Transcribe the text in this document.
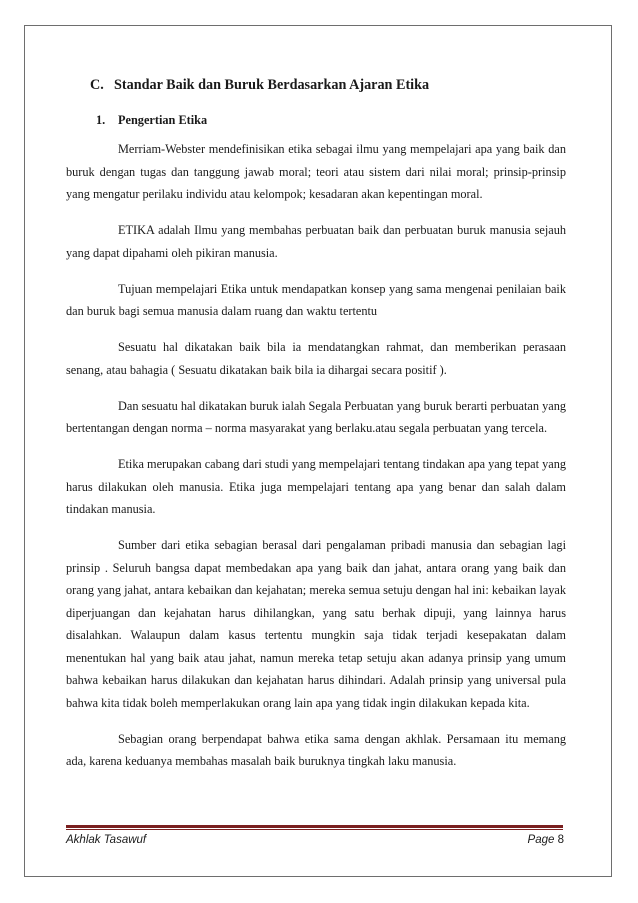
C. Standar Baik dan Buruk Berdasarkan Ajaran Etika
1. Pengertian Etika

Merriam-Webster mendefinisikan etika sebagai ilmu yang mempelajari apa yang baik dan buruk dengan tugas dan tanggung jawab moral; teori atau sistem dari nilai moral; prinsip-prinsip yang mengatur perilaku individu atau kelompok; kesadaran akan kepentingan moral.

ETIKA adalah Ilmu yang membahas perbuatan baik dan perbuatan buruk manusia sejauh yang dapat dipahami oleh pikiran manusia.

Tujuan mempelajari Etika untuk mendapatkan konsep yang sama mengenai penilaian baik dan buruk bagi semua manusia dalam ruang dan waktu tertentu

Sesuatu hal dikatakan baik bila ia mendatangkan rahmat, dan memberikan perasaan senang, atau bahagia ( Sesuatu dikatakan baik bila ia dihargai secara positif ).

Dan sesuatu hal dikatakan buruk ialah Segala Perbuatan yang buruk berarti perbuatan yang bertentangan dengan norma – norma masyarakat yang berlaku.atau segala perbuatan yang tercela.

Etika merupakan cabang dari studi yang mempelajari tentang tindakan apa yang tepat yang harus dilakukan oleh manusia. Etika juga mempelajari tentang apa yang benar dan salah dalam tindakan manusia.

Sumber dari etika sebagian berasal dari pengalaman pribadi manusia dan sebagian lagi prinsip . Seluruh bangsa dapat membedakan apa yang baik dan jahat, antara orang yang baik dan orang yang jahat, antara kebaikan dan kejahatan; mereka semua setuju dengan hal ini: kebaikan layak diperjuangan dan kejahatan harus dihilangkan, yang satu berhak dipuji, yang lainnya harus disalahkan. Walaupun dalam kasus tertentu mungkin saja tidak terjadi kesepakatan dalam menentukan hal yang baik atau jahat, namun mereka tetap setuju akan adanya prinsip yang umum bahwa kebaikan harus dilakukan dan kejahatan harus dihindari. Adalah prinsip yang universal pula bahwa kita tidak boleh memperlakukan orang lain apa yang tidak ingin dilakukan kepada kita.

Sebagian orang berpendapat bahwa etika sama dengan akhlak. Persamaan itu memang ada, karena keduanya membahas masalah baik buruknya tingkah laku manusia.

Akhlak Tasawuf	Page 8
